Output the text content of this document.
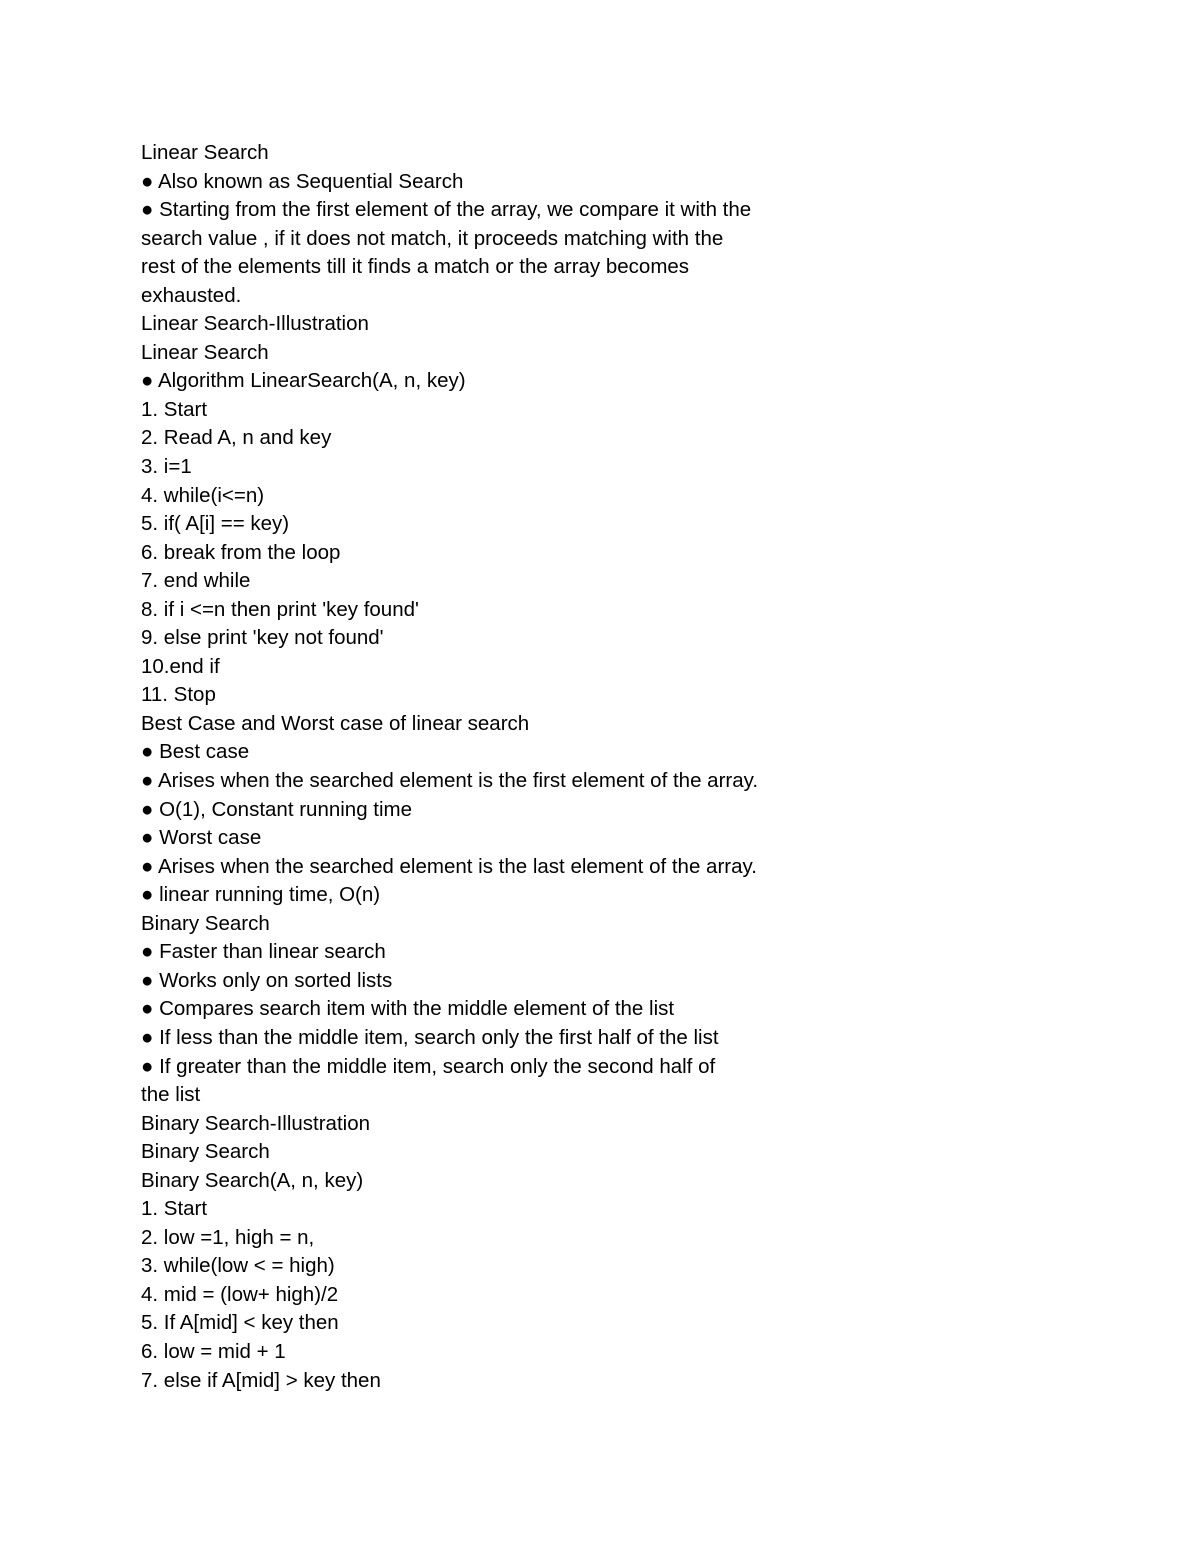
Linear Search
● Also known as Sequential Search
● Starting from the first element of the array, we compare it with the
search value , if it does not match, it proceeds matching with the
rest of the elements till it finds a match or the array becomes
exhausted.
Linear Search-Illustration
Linear Search
● Algorithm LinearSearch(A, n, key)
1. Start
2. Read A, n and key
3. i=1
4. while(i<=n)
5. if( A[i] == key)
6. break from the loop
7. end while
8. if i <=n then print 'key found'
9. else print 'key not found'
10.end if
11. Stop
Best Case and Worst case of linear search
● Best case
● Arises when the searched element is the first element of the array.
● O(1), Constant running time
● Worst case
● Arises when the searched element is the last element of the array.
● linear running time, O(n)
Binary Search
● Faster than linear search
● Works only on sorted lists
● Compares search item with the middle element of the list
● If less than the middle item, search only the first half of the list
● If greater than the middle item, search only the second half of
the list
Binary Search-Illustration
Binary Search
Binary Search(A, n, key)
1. Start
2. low =1, high = n,
3. while(low < = high)
4. mid = (low+ high)/2
5. If A[mid] < key then
6. low = mid + 1
7. else if A[mid] > key then
